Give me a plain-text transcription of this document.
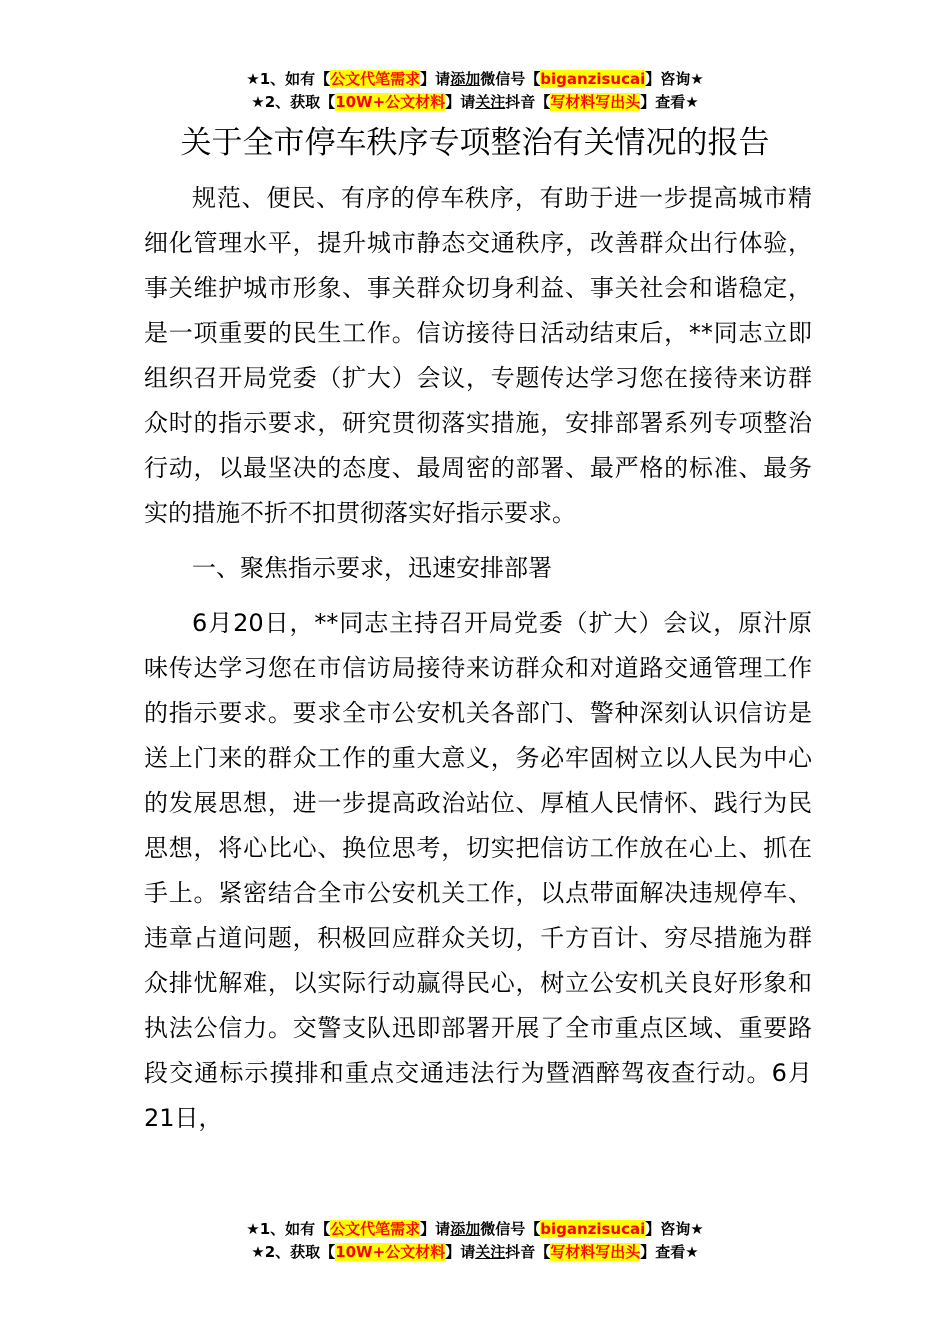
★1、如有【公文代笔需求】请添加微信号【biganzisucai】咨询★
★2、获取【10W+公文材料】请关注抖音【写材料写出头】查看★
关于全市停车秩序专项整治有关情况的报告

规范、便民、有序的停车秩序，有助于进一步提高城市精细化管理水平，提升城市静态交通秩序，改善群众出行体验，事关维护城市形象、事关群众切身利益、事关社会和谐稳定，是一项重要的民生工作。信访接待日活动结束后，**同志立即组织召开局党委（扩大）会议，专题传达学习您在接待来访群众时的指示要求，研究贯彻落实措施，安排部署系列专项整治行动，以最坚决的态度、最周密的部署、最严格的标准、最务实的措施不折不扣贯彻落实好指示要求。

一、聚焦指示要求，迅速安排部署

6月20日，**同志主持召开局党委（扩大）会议，原汁原味传达学习您在市信访局接待来访群众和对道路交通管理工作的指示要求。要求全市公安机关各部门、警种深刻认识信访是送上门来的群众工作的重大意义，务必牢固树立以人民为中心的发展思想，进一步提高政治站位、厚植人民情怀、践行为民思想，将心比心、换位思考，切实把信访工作放在心上、抓在手上。紧密结合全市公安机关工作，以点带面解决违规停车、违章占道问题，积极回应群众关切，千方百计、穷尽措施为群众排忧解难，以实际行动赢得民心，树立公安机关良好形象和执法公信力。交警支队迅即部署开展了全市重点区域、重要路段交通标示摸排和重点交通违法行为暨酒醉驾夜查行动。6月21日，

★1、如有【公文代笔需求】请添加微信号【biganzisucai】咨询★
★2、获取【10W+公文材料】请关注抖音【写材料写出头】查看★
